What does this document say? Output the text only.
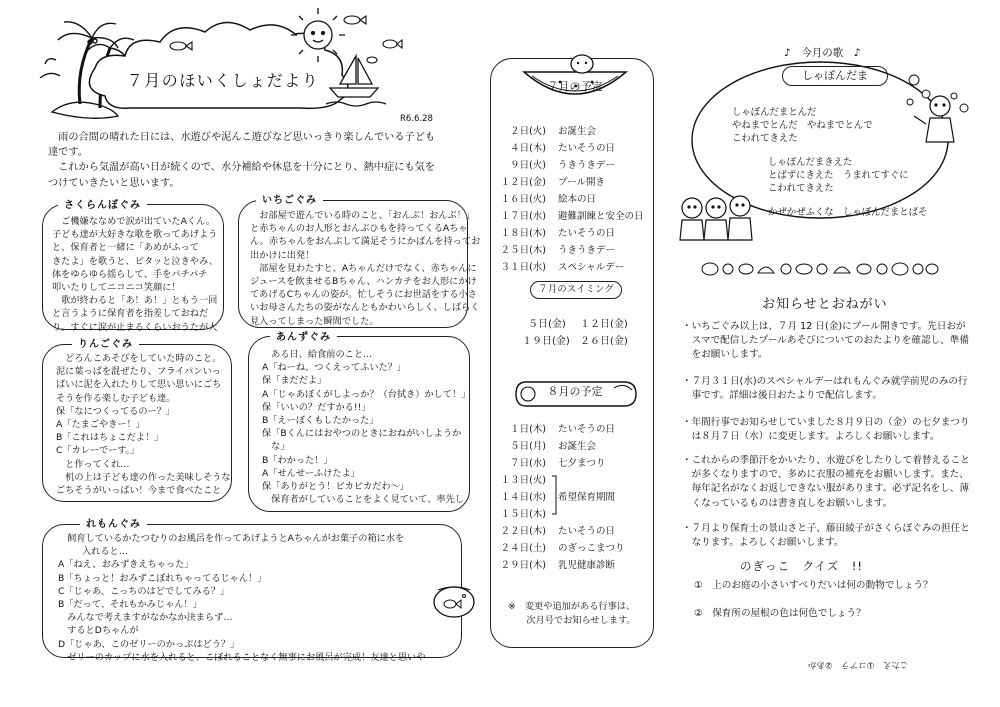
７月のほいくしょだより
R6.6.28
　雨の合間の晴れた日には、水遊びや泥んこ遊びなど思いっきり楽しんでいる子ども
達です。
　これから気温が高い日が続くので、水分補給や休息を十分にとり、熱中症にも気を
つけていきたいと思います。
さくらんぼぐみ
　ご機嫌ななめで涙が出ていたAくん。
子ども達が大好きな歌を歌ってあげよう
と、保育者と一緒に「あめがふって
きたよ」を歌うと、ピタッと泣きやみ、
体をゆらゆら揺らして、手をパチパチ
叩いたりしてニコニコ笑顔に！
　歌が終わると「あ！あ！」ともう一回
と言うように保育者を指差しておねだ
り。すぐに涙が止まるくらいおうたが大
いちごぐみ
　お部屋で遊んでいる時のこと、「おんぶ！おんぶ！」
と赤ちゃんのお人形とおんぶひもを持ってくるAちゃ
ん。赤ちゃんをおんぶして満足そうにかばんを持ってお
出かけに出発！
　部屋を見わたすと、Aちゃんだけでなく、赤ちゃんに
ジュースを飲ませるBちゃん、ハンカチをお人形にかけ
てあげるCちゃんの姿が。忙しそうにお世話をする小さ
いお母さんたちの姿がなんともかわいらしく、しばらく
見入ってしまった瞬間でした。
りんごぐみ
　どろんこあそびをしていた時のこと。
泥に葉っぱを混ぜたり、フライパンいっ
ぱいに泥を入れたりして思い思いにごち
そうを作る楽しむ子ども達。
保「なにつくってるのー？」
A「たまごやきー！」
B「これはちょこだよ！」
C「カレーでーす。」
　と作ってくれ…
　机の上は子ども達の作った美味しそうな
ごちそうがいっぱい！今まで食べたこと
あんずぐみ
　ある日、給食前のこと…
A「ねーね、つくえってふいた？」
保「まだだよ」
A「じゃあぼくがしよっか？（台拭き）かして！」
保「いいの？だすかる!!」
B「えーぼくもしたかった」
保「Bくんにはおやつのときにおねがいしようか
　な」
B「わかった！」
A「せんせーふけたよ」
保「ありがとう！ピカピカだわ～」
　保育者がしていることをよく見ていて、率先し
れもんぐみ
　飼育しているかたつむりのお風呂を作ってあげようとAちゃんがお菓子の箱に水を
入れると…
A「ねえ、おみずきえちゃった」
B「ちょっと！おみずこぼれちゃってるじゃん！」
C「じゃあ、こっちのはどでしてみる？」
B「だって、それもかみじゃん！」
　みんなで考えますがなかなか決まらず…
　するとDちゃんが
D「じゃあ、このゼリーのかっぷはどう？」
　ゼリーのカップに水を入れると、こぼれることなく無事にお風呂が完成！友達と思いや
７月の予定
２日(火) お誕生会
４日(木) たいそうの日
９日(火) うきうきデー
１２日(金) プール開き
１６日(火) 絵本の日
１７日(水) 避難訓練と安全の日
１８日(木) たいそうの日
２５日(木) うきうきデー
３１日(水) スペシャルデー
７月のスイミング
５日(金) １２日(金)
１９日(金) ２６日(金)
８月の予定
１日(木) たいそうの日
５日(月) お誕生会
７日(水) 七夕まつり
１３日(火)
１４日(水) 希望保育期間
１５日(木)
２２日(木) たいそうの日
２４日(土) のぎっこまつり
２９日(木) 乳児健康診断
※　変更や追加がある行事は、
　　次月号でお知らせします。
♪　今月の歌　♪
しゃぼんだま
しゃぼんだまとんだ
やねまでとんだ　やねまでとんで
こわれてきえた
しゃぼんだまきえた
とばずにきえた　うまれてすぐに
こわれてきえた
かぜかぜふくな　しゃぼんだまとばそ
お知らせとおねがい
・いちごぐみ以上は、７月 12 日(金)にプール開きです。先日おが
　スマで配信したプールあそびについてのおたよりを確認し、準備
　をお願いします。
・７月３１日(水)のスペシャルデーはれもんぐみ就学前児のみの行
　事です。詳細は後日おたよりで配信します。
・年間行事でお知らせしていました８月９日の（金）の七夕まつり
　は８月７日（水）に変更します。よろしくお願いします。
・これからの季節汗をかいたり、水遊びをしたりして着替えること
　が多くなりますので、多めに衣服の補充をお願いします。また、
　毎年記名がなくお返しできない服があります。必ず記名をし、薄
　くなっているものは書き直しをお願いします。
・７月より保育士の景山さと子、藤田綾子がさくらぼぐみの担任と
　なります。よろしくお願いします。
のぎっこ　クイズ　!!
①　上のお庭の小さいすべりだいは何の動物でしょう？
②　保育所の屋根の色は何色でしょう？
こたえ　①コアラ　②あか
